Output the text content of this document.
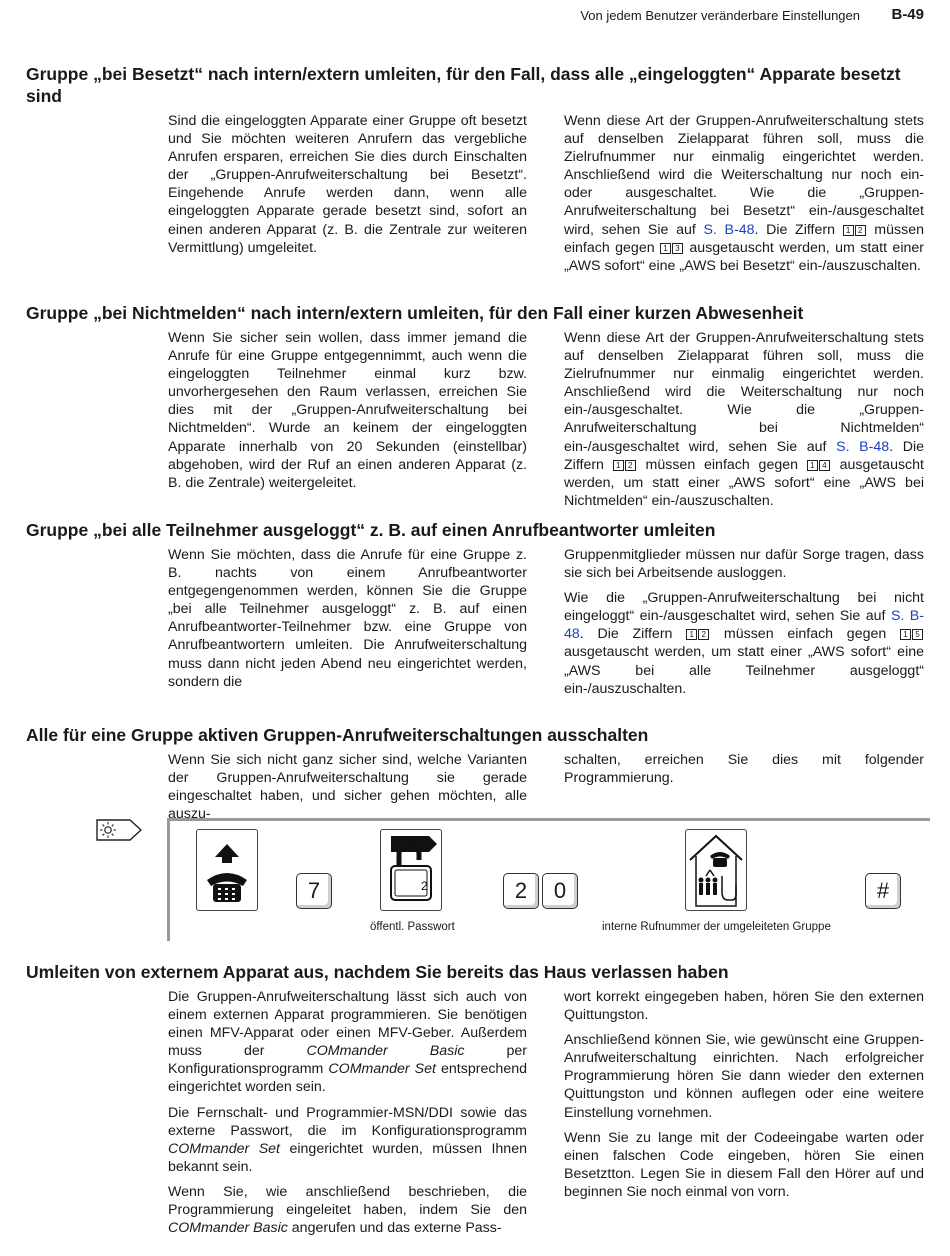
Von jedem Benutzer veränderbare Einstellungen B-49
Gruppe „bei Besetzt“ nach intern/extern umleiten, für den Fall, dass alle „eingeloggten“ Apparate besetzt sind

Sind die eingeloggten Apparate einer Gruppe oft besetzt und Sie möchten weiteren Anrufern das vergebliche Anrufen ersparen, erreichen Sie dies durch Einschalten der „Gruppen-Anrufweiterschaltung bei Besetzt“. Eingehende Anrufe werden dann, wenn alle eingeloggten Apparate gerade besetzt sind, sofort an einen anderen Apparat (z. B. die Zentrale zur weiteren Vermittlung) umgeleitet.

Wenn diese Art der Gruppen-Anrufweiterschaltung stets auf denselben Zielapparat führen soll, muss die Zielrufnummer nur einmalig eingerichtet werden. Anschließend wird die Weiterschaltung nur noch ein- oder ausgeschaltet. Wie die „Gruppen-Anrufweiterschaltung bei Besetzt“ ein-/ausgeschaltet wird, sehen Sie auf S. B-48. Die Ziffern 1 2 müssen einfach gegen 1 3 ausgetauscht werden, um statt einer „AWS sofort“ eine „AWS bei Besetzt“ ein-/auszuschalten.

Gruppe „bei Nichtmelden“ nach intern/extern umleiten, für den Fall einer kurzen Abwesenheit

Wenn Sie sicher sein wollen, dass immer jemand die Anrufe für eine Gruppe entgegennimmt, auch wenn die eingeloggten Teilnehmer einmal kurz bzw. unvorhergesehen den Raum verlassen, erreichen Sie dies mit der „Gruppen-Anrufweiterschaltung bei Nichtmelden“. Wurde an keinem der eingeloggten Apparate innerhalb von 20 Sekunden (einstellbar) abgehoben, wird der Ruf an einen anderen Apparat (z. B. die Zentrale) weitergeleitet.

Wenn diese Art der Gruppen-Anrufweiterschaltung stets auf denselben Zielapparat führen soll, muss die Zielrufnummer nur einmalig eingerichtet werden. Anschließend wird die Weiterschaltung nur noch ein-/ausgeschaltet. Wie die „Gruppen-Anrufweiterschaltung bei Nichtmelden“ ein-/ausgeschaltet wird, sehen Sie auf S. B-48. Die Ziffern 1 2 müssen einfach gegen 1 4 ausgetauscht werden, um statt einer „AWS sofort“ eine „AWS bei Nichtmelden“ ein-/auszuschalten.

Gruppe „bei alle Teilnehmer ausgeloggt“ z. B. auf einen Anrufbeantworter umleiten

Wenn Sie möchten, dass die Anrufe für eine Gruppe z. B. nachts von einem Anrufbeantworter entgegengenommen werden, können Sie die Gruppe „bei alle Teilnehmer ausgeloggt“ z. B. auf einen Anrufbeantworter-Teilnehmer bzw. eine Gruppe von Anrufbeantwortern umleiten. Die Anrufweiterschaltung muss dann nicht jeden Abend neu eingerichtet werden, sondern die

Gruppenmitglieder müssen nur dafür Sorge tragen, dass sie sich bei Arbeitsende ausloggen.

Wie die „Gruppen-Anrufweiterschaltung bei nicht eingeloggt“ ein-/ausgeschaltet wird, sehen Sie auf S. B-48. Die Ziffern 1 2 müssen einfach gegen 1 5 ausgetauscht werden, um statt einer „AWS sofort“ eine „AWS bei alle Teilnehmer ausgeloggt“ ein-/auszuschalten.

Alle für eine Gruppe aktiven Gruppen-Anrufweiterschaltungen ausschalten

Wenn Sie sich nicht ganz sicher sind, welche Varianten der Gruppen-Anrufweiterschaltung sie gerade eingeschaltet haben, und sicher gehen möchten, alle auszu-

schalten, erreichen Sie dies mit folgender Programmierung.

7	2	2	0	#
öffentl. Passwort	interne Rufnummer der umgeleiteten Gruppe
Umleiten von externem Apparat aus, nachdem Sie bereits das Haus verlassen haben

Die Gruppen-Anrufweiterschaltung lässt sich auch von einem externen Apparat programmieren. Sie benötigen einen MFV-Apparat oder einen MFV-Geber. Außerdem muss der COMmander Basic per Konfigurationsprogramm COMmander Set entsprechend eingerichtet worden sein.

Die Fernschalt- und Programmier-MSN/DDI sowie das externe Passwort, die im Konfigurationsprogramm COMmander Set eingerichtet wurden, müssen Ihnen bekannt sein.

Wenn Sie, wie anschließend beschrieben, die Programmierung eingeleitet haben, indem Sie den COMmander Basic angerufen und das externe Pass-

wort korrekt eingegeben haben, hören Sie den externen Quittungston.

Anschließend können Sie, wie gewünscht eine Gruppen-Anrufweiterschaltung einrichten. Nach erfolgreicher Programmierung hören Sie dann wieder den externen Quittungston und können auflegen oder eine weitere Einstellung vornehmen.

Wenn Sie zu lange mit der Codeeingabe warten oder einen falschen Code eingeben, hören Sie einen Besetztton. Legen Sie in diesem Fall den Hörer auf und beginnen Sie noch einmal von vorn.
